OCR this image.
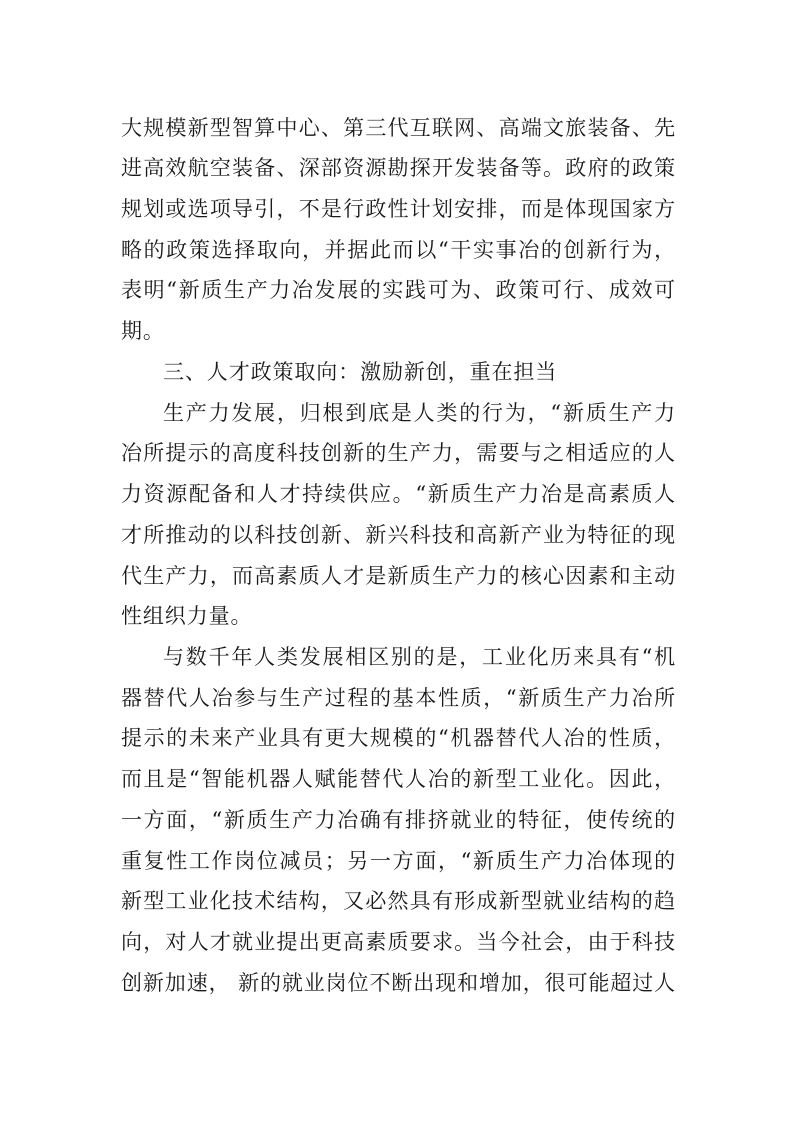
大规模新型智算中心、第三代互联网、高端文旅装备、先
进高效航空装备、深部资源勘探开发装备等。政府的政策
规划或选项导引，不是行政性计划安排，而是体现国家方
略的政策选择取向，并据此而以“干实事冶的创新行为，
表明“新质生产力冶发展的实践可为、政策可行、成效可
期。
三、人才政策取向：激励新创，重在担当
生产力发展，归根到底是人类的行为，“新质生产力
冶所提示的高度科技创新的生产力，需要与之相适应的人
力资源配备和人才持续供应。“新质生产力冶是高素质人
才所推动的以科技创新、新兴科技和高新产业为特征的现
代生产力，而高素质人才是新质生产力的核心因素和主动
性组织力量。
与数千年人类发展相区别的是，工业化历来具有“机
器替代人冶参与生产过程的基本性质，“新质生产力冶所
提示的未来产业具有更大规模的“机器替代人冶的性质，
而且是“智能机器人赋能替代人冶的新型工业化。因此，
一方面，“新质生产力冶确有排挤就业的特征，使传统的
重复性工作岗位减员；另一方面，“新质生产力冶体现的
新型工业化技术结构，又必然具有形成新型就业结构的趋
向，对人才就业提出更高素质要求。当今社会，由于科技
创新加速， 新的就业岗位不断出现和增加，很可能超过人
